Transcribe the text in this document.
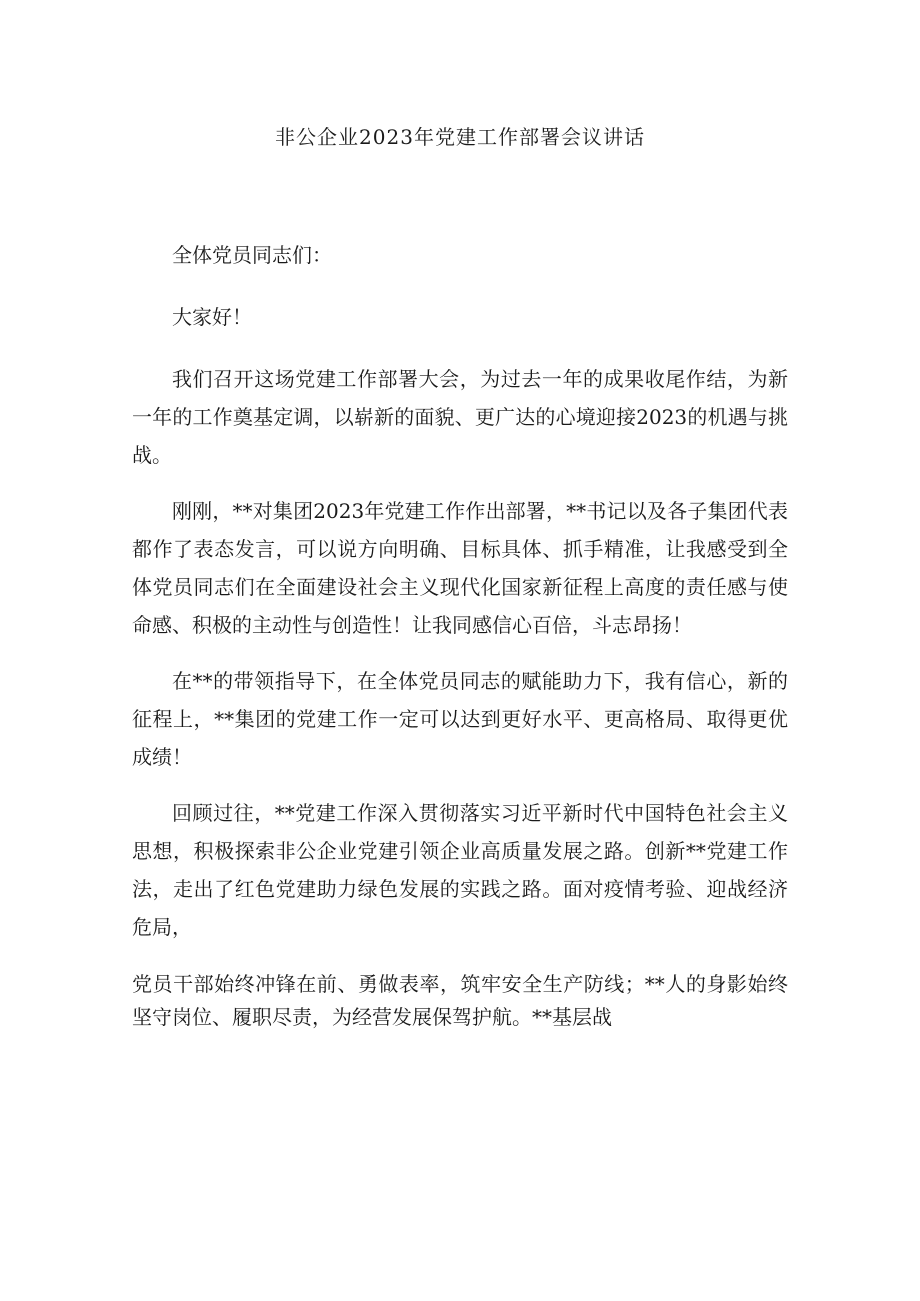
非公企业2023年党建工作部署会议讲话

全体党员同志们：

大家好！

我们召开这场党建工作部署大会，为过去一年的成果收尾作结，为新一年的工作奠基定调，以崭新的面貌、更广达的心境迎接2023的机遇与挑战。

刚刚，**对集团2023年党建工作作出部署，**书记以及各子集团代表都作了表态发言，可以说方向明确、目标具体、抓手精准，让我感受到全体党员同志们在全面建设社会主义现代化国家新征程上高度的责任感与使命感、积极的主动性与创造性！让我同感信心百倍，斗志昂扬！

在**的带领指导下，在全体党员同志的赋能助力下，我有信心，新的征程上，**集团的党建工作一定可以达到更好水平、更高格局、取得更优成绩！

回顾过往，**党建工作深入贯彻落实习近平新时代中国特色社会主义思想，积极探索非公企业党建引领企业高质量发展之路。创新**党建工作法，走出了红色党建助力绿色发展的实践之路。面对疫情考验、迎战经济危局，

党员干部始终冲锋在前、勇做表率，筑牢安全生产防线；**人的身影始终坚守岗位、履职尽责，为经营发展保驾护航。**基层战
